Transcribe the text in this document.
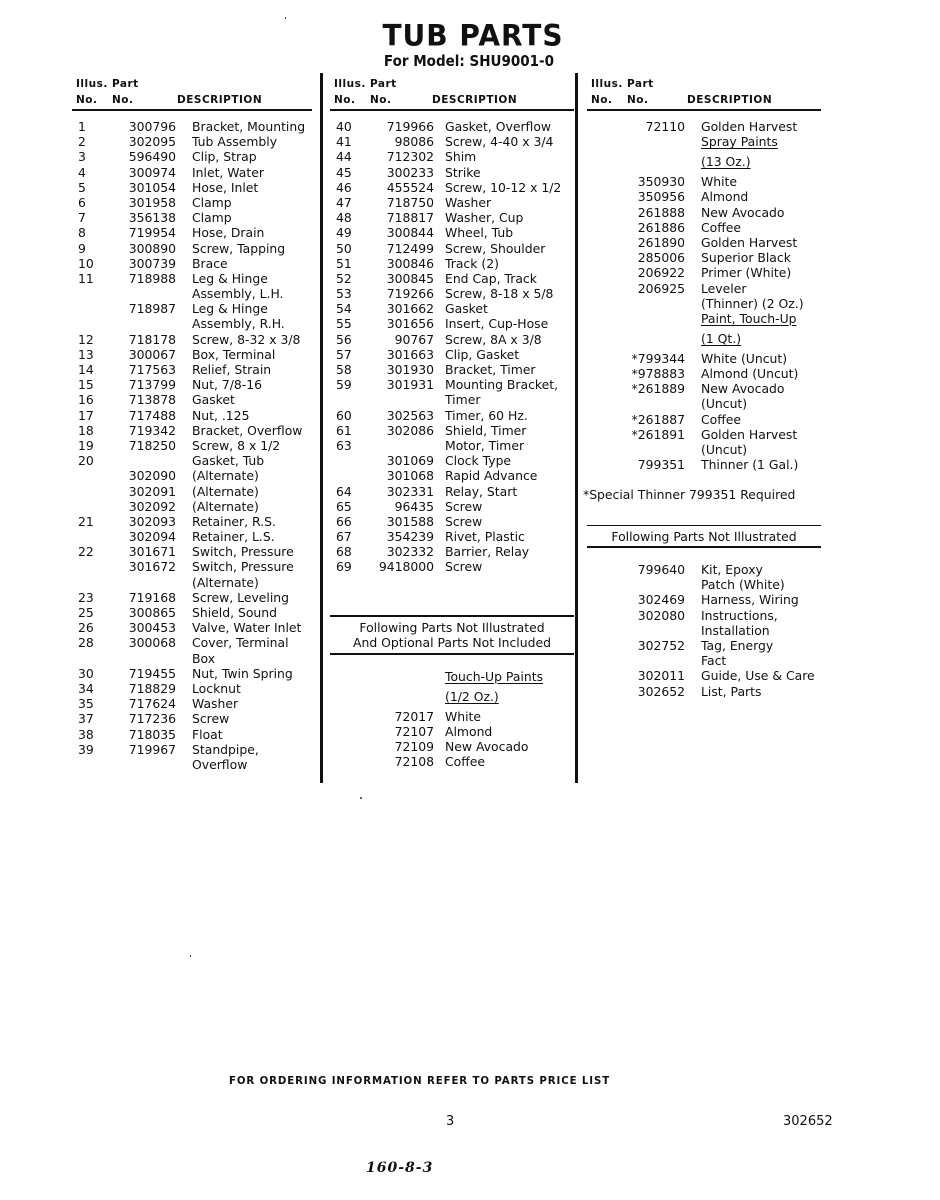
TUB PARTS
For Model: SHU9001-0
Illus. Part
No. No.	DESCRIPTION
1	300796 Bracket, Mounting
2	302095 Tub Assembly
3	596490 Clip, Strap
4	300974 Inlet, Water
5	301054 Hose, Inlet
6	301958 Clamp
7	356138 Clamp
8	719954 Hose, Drain
9	300890 Screw, Tapping
10	300739 Brace
11	718988 Leg & Hinge
Assembly, L.H.
718987 Leg & Hinge
Assembly, R.H.
12	718178 Screw, 8-32 x 3/8
13	300067 Box, Terminal
14	717563 Relief, Strain
15	713799 Nut, 7/8-16
16	713878 Gasket
17	717488 Nut, .125
18	719342 Bracket, Overflow
19	718250 Screw, 8 x 1/2
20	Gasket, Tub
302090 (Alternate)
302091 (Alternate)
302092 (Alternate)
21	302093 Retainer, R.S.
302094 Retainer, L.S.
22	301671 Switch, Pressure
301672 Switch, Pressure
(Alternate)
23	719168 Screw, Leveling
25	300865 Shield, Sound
26	300453 Valve, Water Inlet
28	300068 Cover, Terminal
Box
30	719455 Nut, Twin Spring
34	718829 Locknut
35	717624 Washer
37	717236 Screw
38	718035 Float
39	719967 Standpipe,
Overflow
Illus. Part
No. No.	DESCRIPTION
40	719966 Gasket, Overflow
41	98086 Screw, 4-40 x 3/4
44	712302 Shim
45	300233 Strike
46	455524 Screw, 10-12 x 1/2
47	718750 Washer
48	718817 Washer, Cup
49	300844 Wheel, Tub
50	712499 Screw, Shoulder
51	300846 Track (2)
52	300845 End Cap, Track
53	719266 Screw, 8-18 x 5/8
54	301662 Gasket
55	301656 Insert, Cup-Hose
56	90767 Screw, 8A x 3/8
57	301663 Clip, Gasket
58	301930 Bracket, Timer
59	301931 Mounting Bracket,
Timer
60	302563 Timer, 60 Hz.
61	302086 Shield, Timer
63	Motor, Timer
301069 Clock Type
301068 Rapid Advance
64	302331 Relay, Start
65	96435 Screw
66	301588 Screw
67	354239 Rivet, Plastic
68	302332 Barrier, Relay
69	9418000 Screw
Following Parts Not Illustrated
And Optional Parts Not Included
Touch-Up Paints
(1/2 Oz.)
72017 White
72107 Almond
72109 New Avocado
72108 Coffee
Illus. Part
No. No.	DESCRIPTION
72110 Golden Harvest
Spray Paints
(13 Oz.)
350930 White
350956 Almond
261888 New Avocado
261886 Coffee
261890 Golden Harvest
285006 Superior Black
206922 Primer (White)
206925 Leveler
(Thinner) (2 Oz.)
Paint, Touch-Up
(1 Qt.)
*799344 White (Uncut)
*978883 Almond (Uncut)
*261889 New Avocado
(Uncut)
*261887 Coffee
*261891 Golden Harvest
(Uncut)
799351 Thinner (1 Gal.)
*Special Thinner 799351 Required
Following Parts Not Illustrated
799640 Kit, Epoxy
Patch (White)
302469 Harness, Wiring
302080 Instructions,
Installation
302752 Tag, Energy
Fact
302011 Guide, Use & Care
302652 List, Parts
FOR ORDERING INFORMATION REFER TO PARTS PRICE LIST
3	302652
160-8-3
